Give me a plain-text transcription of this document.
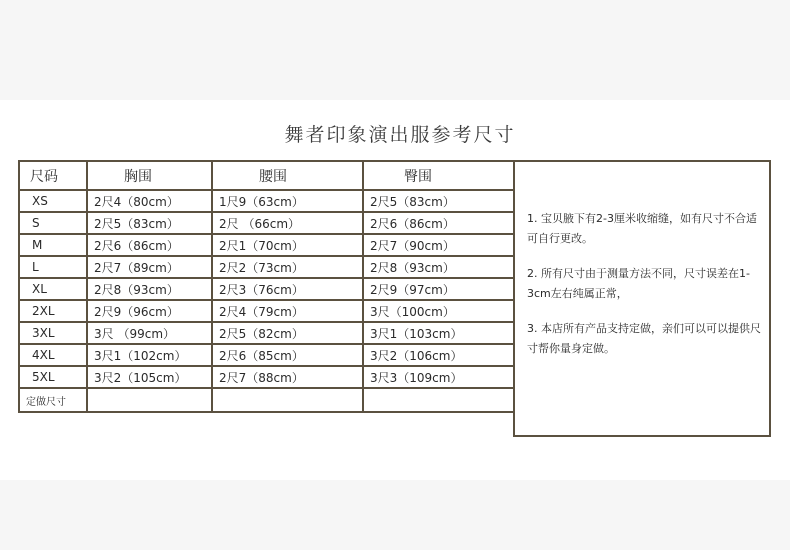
舞者印象演出服参考尺寸
尺码	胸围	腰围	臀围
XS	2尺4（80cm）	1尺9（63cm）	2尺5（83cm）
S	2尺5（83cm）	2尺 （66cm）	2尺6（86cm）
M	2尺6（86cm）	2尺1（70cm）	2尺7（90cm）
L	2尺7（89cm）	2尺2（73cm）	2尺8（93cm）
XL	2尺8（93cm）	2尺3（76cm）	2尺9（97cm）
2XL	2尺9（96cm）	2尺4（79cm）	3尺（100cm）
3XL	3尺 （99cm）	2尺5（82cm）	3尺1（103cm）
4XL	3尺1（102cm）	2尺6（85cm）	3尺2（106cm）
5XL	3尺2（105cm）	2尺7（88cm）	3尺3（109cm）
定做尺寸			

1. 宝贝腋下有2-3厘米收缩缝，如有尺寸不合适可自行更改。

2. 所有尺寸由于测量方法不同，尺寸误差在1-3cm左右纯属正常，

3. 本店所有产品支持定做，亲们可以可以提供尺寸帮你量身定做。
